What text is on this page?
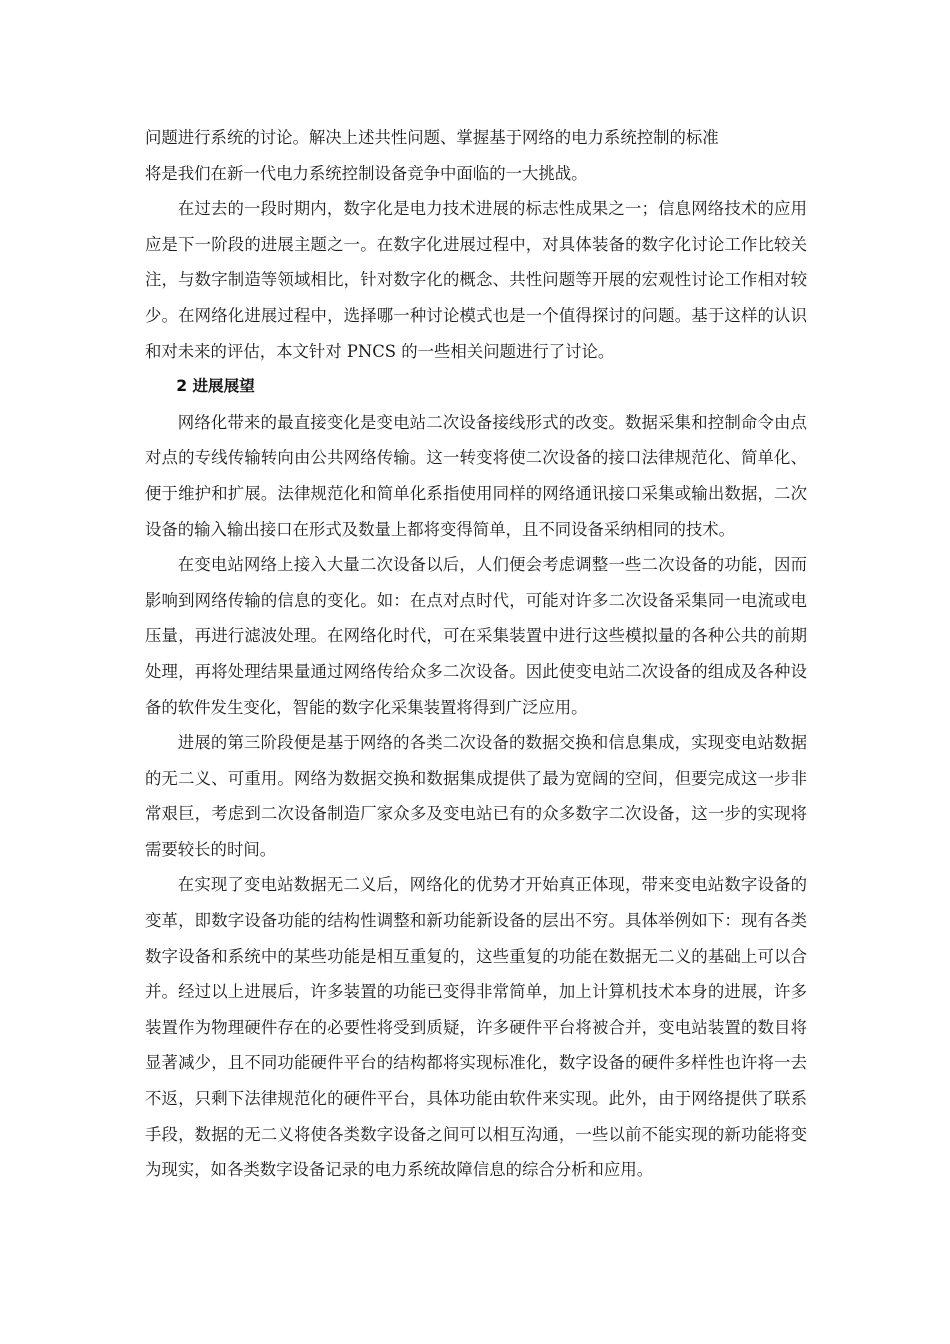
问题进行系统的讨论。解决上述共性问题、掌握基于网络的电力系统控制的标准
将是我们在新一代电力系统控制设备竞争中面临的一大挑战。

在过去的一段时期内，数字化是电力技术进展的标志性成果之一；信息网络技术的应用应是下一阶段的进展主题之一。在数字化进展过程中，对具体装备的数字化讨论工作比较关注，与数字制造等领域相比，针对数字化的概念、共性问题等开展的宏观性讨论工作相对较少。在网络化进展过程中，选择哪一种讨论模式也是一个值得探讨的问题。基于这样的认识和对未来的评估，本文针对 PNCS 的一些相关问题进行了讨论。

2 进展展望

网络化带来的最直接变化是变电站二次设备接线形式的改变。数据采集和控制命令由点对点的专线传输转向由公共网络传输。这一转变将使二次设备的接口法律规范化、简单化、便于维护和扩展。法律规范化和简单化系指使用同样的网络通讯接口采集或输出数据，二次设备的输入输出接口在形式及数量上都将变得简单，且不同设备采纳相同的技术。

在变电站网络上接入大量二次设备以后，人们便会考虑调整一些二次设备的功能，因而影响到网络传输的信息的变化。如：在点对点时代，可能对许多二次设备采集同一电流或电压量，再进行滤波处理。在网络化时代，可在采集装置中进行这些模拟量的各种公共的前期处理，再将处理结果量通过网络传给众多二次设备。因此使变电站二次设备的组成及各种设备的软件发生变化，智能的数字化采集装置将得到广泛应用。

进展的第三阶段便是基于网络的各类二次设备的数据交换和信息集成，实现变电站数据的无二义、可重用。网络为数据交换和数据集成提供了最为宽阔的空间，但要完成这一步非常艰巨，考虑到二次设备制造厂家众多及变电站已有的众多数字二次设备，这一步的实现将需要较长的时间。

在实现了变电站数据无二义后，网络化的优势才开始真正体现，带来变电站数字设备的变革，即数字设备功能的结构性调整和新功能新设备的层出不穷。具体举例如下：现有各类数字设备和系统中的某些功能是相互重复的，这些重复的功能在数据无二义的基础上可以合并。经过以上进展后，许多装置的功能已变得非常简单，加上计算机技术本身的进展，许多装置作为物理硬件存在的必要性将受到质疑，许多硬件平台将被合并，变电站装置的数目将显著减少，且不同功能硬件平台的结构都将实现标准化，数字设备的硬件多样性也许将一去不返，只剩下法律规范化的硬件平台，具体功能由软件来实现。此外，由于网络提供了联系手段，数据的无二义将使各类数字设备之间可以相互沟通，一些以前不能实现的新功能将变为现实，如各类数字设备记录的电力系统故障信息的综合分析和应用。
